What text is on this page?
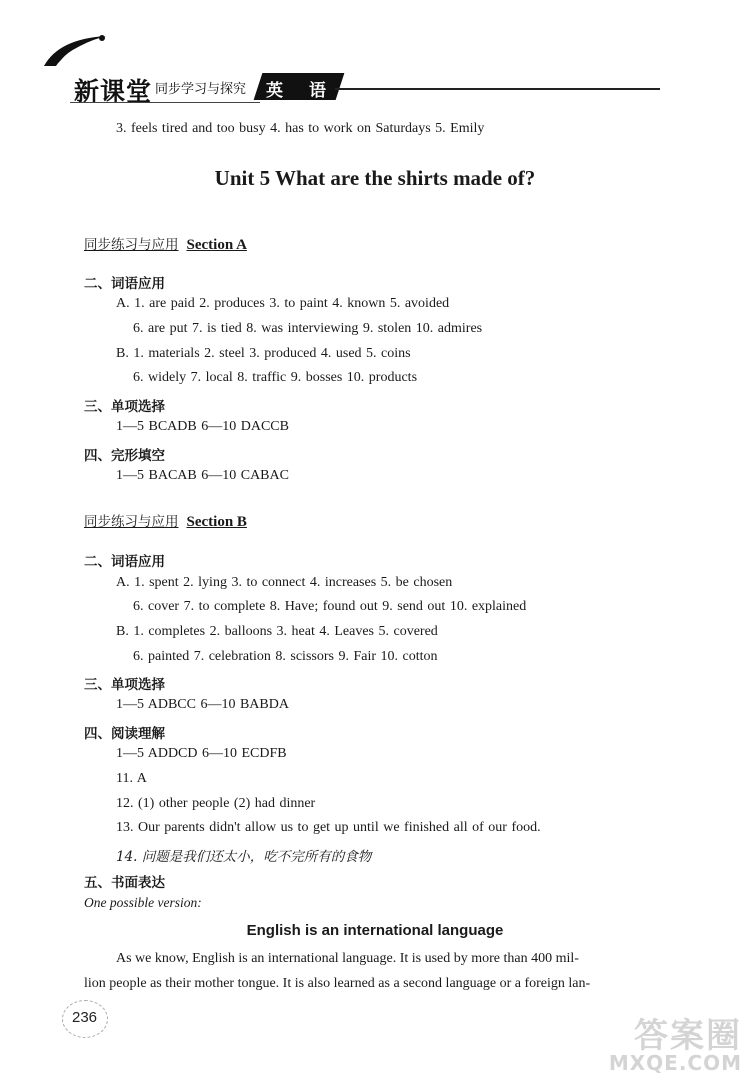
新课堂 同步学习与探究 英 语
3. feels tired and too busy 4. has to work on Saturdays 5. Emily
Unit 5 What are the shirts made of?
同步练习与应用 Section A
二、词语应用
A. 1. are paid 2. produces 3. to paint 4. known 5. avoided
6. are put 7. is tied 8. was interviewing 9. stolen 10. admires
B. 1. materials 2. steel 3. produced 4. used 5. coins
6. widely 7. local 8. traffic 9. bosses 10. products
三、单项选择
1—5 BCADB 6—10 DACCB
四、完形填空
1—5 BACAB 6—10 CABAC
同步练习与应用 Section B
二、词语应用
A. 1. spent 2. lying 3. to connect 4. increases 5. be chosen
6. cover 7. to complete 8. Have; found out 9. send out 10. explained
B. 1. completes 2. balloons 3. heat 4. Leaves 5. covered
6. painted 7. celebration 8. scissors 9. Fair 10. cotton
三、单项选择
1—5 ADBCC 6—10 BABDA
四、阅读理解
1—5 ADDCD 6—10 ECDFB
11. A
12. (1) other people (2) had dinner
13. Our parents didn't allow us to get up until we finished all of our food.
14. 问题是我们还太小，吃不完所有的食物
五、书面表达
One possible version:
English is an international language
As we know, English is an international language. It is used by more than 400 mil-
lion people as their mother tongue. It is also learned as a second language or a foreign lan-
236	答案圈
MXQE.COM
